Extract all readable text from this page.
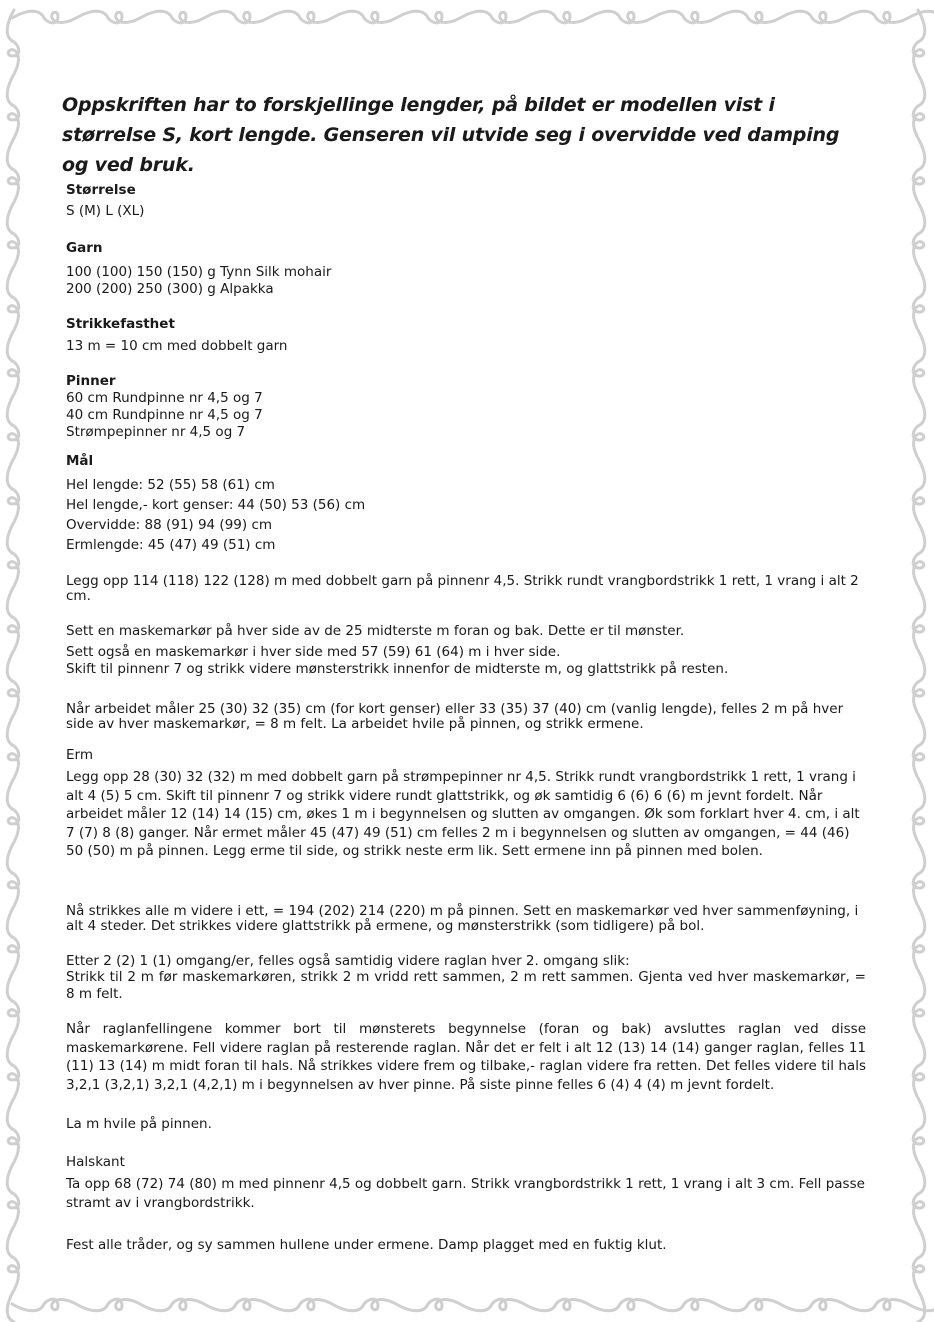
Oppskriften har to forskjellinge lengder, på bildet er modellen vist i størrelse S, kort lengde. Genseren vil utvide seg i overvidde ved damping og ved bruk.
Størrelse
S (M) L (XL)
Garn
100 (100) 150 (150) g Tynn Silk mohair
200 (200) 250 (300) g Alpakka
Strikkefasthet
13 m = 10 cm med dobbelt garn
Pinner
60 cm Rundpinne nr 4,5 og 7
40 cm Rundpinne nr 4,5 og 7
Strømpepinner nr 4,5 og 7
Mål
Hel lengde: 52 (55) 58 (61) cm
Hel lengde,- kort genser: 44 (50) 53 (56) cm
Overvidde: 88 (91) 94 (99) cm
Ermlengde: 45 (47) 49 (51) cm
Legg opp 114 (118) 122 (128) m med dobbelt garn på pinnenr 4,5. Strikk rundt vrangbordstrikk 1 rett, 1 vrang i alt 2 cm.
Sett en maskemarkør på hver side av de 25 midterste m foran og bak. Dette er til mønster.
Sett også en maskemarkør i hver side med 57 (59) 61 (64) m i hver side.
Skift til pinnenr 7 og strikk videre mønsterstrikk innenfor de midterste m, og glattstrikk på resten.
Når arbeidet måler 25 (30) 32 (35) cm (for kort genser) eller 33 (35) 37 (40) cm (vanlig lengde), felles 2 m på hver side av hver maskemarkør, = 8 m felt. La arbeidet hvile på pinnen, og strikk ermene.
Erm
Legg opp 28 (30) 32 (32) m med dobbelt garn på strømpepinner nr 4,5. Strikk rundt vrangbordstrikk 1 rett, 1 vrang i alt 4 (5) 5 cm. Skift til pinnenr 7 og strikk videre rundt glattstrikk, og øk samtidig 6 (6) 6 (6) m jevnt fordelt. Når arbeidet måler 12 (14) 14 (15) cm, økes 1 m i begynnelsen og slutten av omgangen. Øk som forklart hver 4. cm, i alt 7 (7) 8 (8) ganger. Når ermet måler 45 (47) 49 (51) cm felles 2 m i begynnelsen og slutten av omgangen, = 44 (46) 50 (50) m på pinnen. Legg erme til side, og strikk neste erm lik. Sett ermene inn på pinnen med bolen.
Nå strikkes alle m videre i ett, = 194 (202) 214 (220) m på pinnen. Sett en maskemarkør ved hver sammenføyning, i alt 4 steder. Det strikkes videre glattstrikk på ermene, og mønsterstrikk (som tidligere) på bol.
Etter 2 (2) 1 (1) omgang/er, felles også samtidig videre raglan hver 2. omgang slik:
Strikk til 2 m før maskemarkøren, strikk 2 m vridd rett sammen, 2 m rett sammen. Gjenta ved hver maskemarkør, = 8 m felt.
Når raglanfellingene kommer bort til mønsterets begynnelse (foran og bak) avsluttes raglan ved disse maskemarkørene. Fell videre raglan på resterende raglan. Når det er felt i alt 12 (13) 14 (14) ganger raglan, felles 11 (11) 13 (14) m midt foran til hals. Nå strikkes videre frem og tilbake,- raglan videre fra retten. Det felles videre til hals 3,2,1 (3,2,1) 3,2,1 (4,2,1) m i begynnelsen av hver pinne. På siste pinne felles 6 (4) 4 (4) m jevnt fordelt.
La m hvile på pinnen.
Halskant
Ta opp 68 (72) 74 (80) m med pinnenr 4,5 og dobbelt garn. Strikk vrangbordstrikk 1 rett, 1 vrang i alt 3 cm. Fell passe stramt av i vrangbordstrikk.
Fest alle tråder, og sy sammen hullene under ermene. Damp plagget med en fuktig klut.
